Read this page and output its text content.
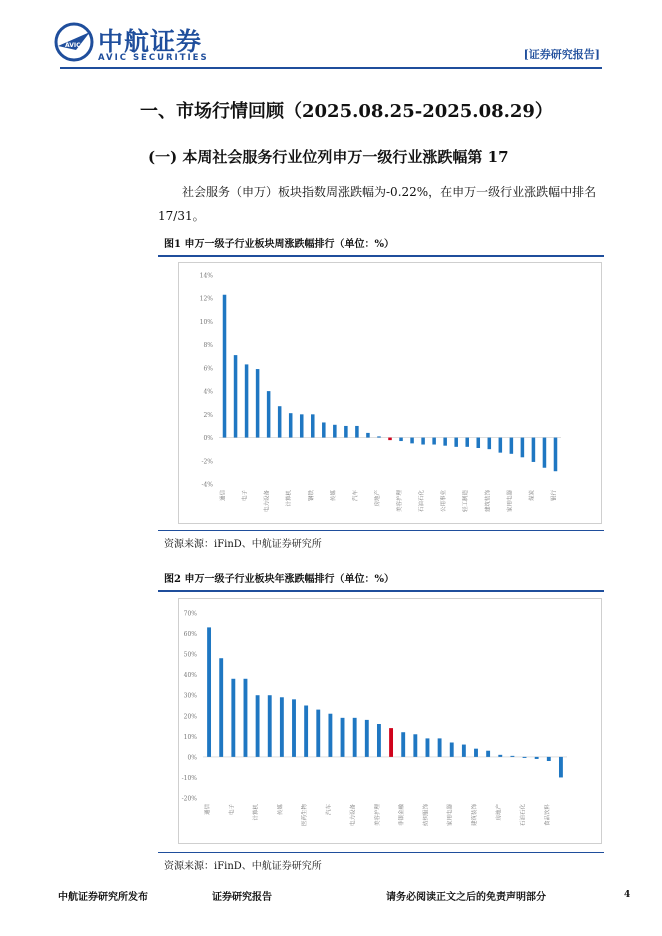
AVIC 中航证券
AVIC SECURITIES	[证券研究报告]
一、市场行情回顾（2025.08.25-2025.08.29）
(一) 本周社会服务行业位列申万一级行业涨跌幅第 17
社会服务（申万）板块指数周涨跌幅为-0.22%，在申万一级行业涨跌幅中排名17/31。
图1 申万一级子行业板块周涨跌幅排行（单位：%）
14%
12%
10%
8%
6%
4%
2%
0%
-2%
-4%
通信	电子	电力设备	计算机	钢铁	传媒	汽车	房地产	美容护理	石油石化	公用事业	轻工制造	建筑装饰	家用电器	煤炭	银行
资源来源：iFinD、中航证券研究所
图2 申万一级子行业板块年涨跌幅排行（单位：%）
70%
60%
50%
40%
30%
20%
10%
0%
-10%
-20%
通信	电子	计算机	传媒	医药生物	汽车	电力设备	美容护理	非银金融	纺织服饰	家用电器	建筑装饰	房地产	石油石化	食品饮料
资源来源：iFinD、中航证券研究所
中航证券研究所发布	证券研究报告	请务必阅读正文之后的免责声明部分	4
